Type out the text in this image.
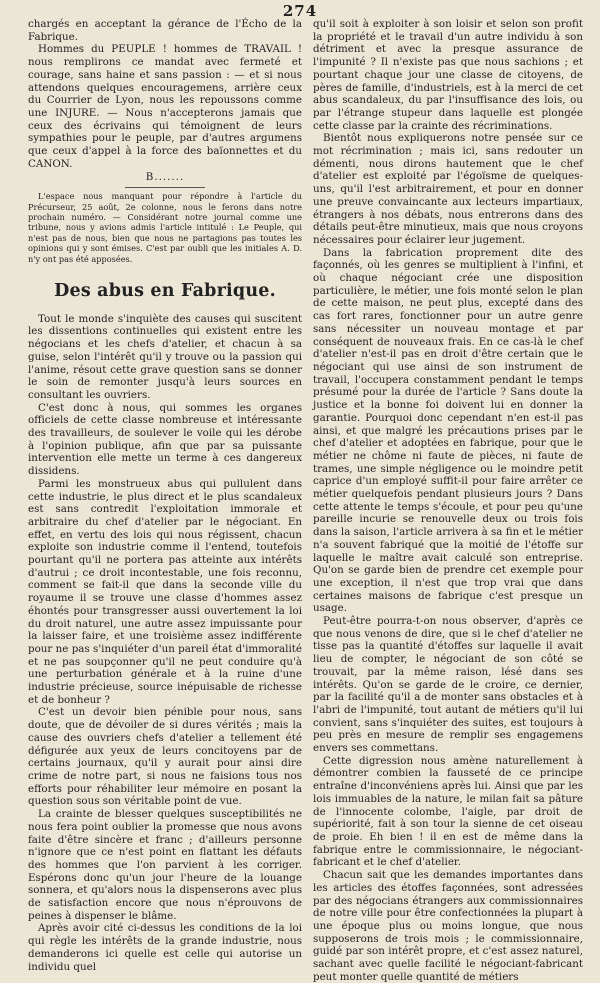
274

chargés en acceptant la gérance de l'Écho de la Fabrique.

Hommes du PEUPLE ! hommes de TRAVAIL ! nous remplirons ce mandat avec fermeté et courage, sans haine et sans passion : — et si nous attendons quelques encouragemens, arrière ceux du Courrier de Lyon, nous les repoussons comme une INJURE. — Nous n'accepterons jamais que ceux des écrivains qui témoignent de leurs sympathies pour le peuple, par d'autres argumens que ceux d'appel à la force des baïonnettes et du CANON.

B.......

L'espace nous manquant pour répondre à l'article du Précurseur, 25 août, 2e colonne, nous le ferons dans notre prochain numéro. — Considérant notre journal comme une tribune, nous y avions admis l'article intitulé : Le Peuple, qui n'est pas de nous, bien que nous ne partagions pas toutes les opinions qui y sont émises. C'est par oubli que les initiales A. D. n'y ont pas été apposées.

Des abus en Fabrique.

Tout le monde s'inquiète des causes qui suscitent les dissentions continuelles qui existent entre les négocians et les chefs d'atelier, et chacun à sa guise, selon l'intérêt qu'il y trouve ou la passion qui l'anime, résout cette grave question sans se donner le soin de remonter jusqu'à leurs sources en consultant les ouvriers.

C'est donc à nous, qui sommes les organes officiels de cette classe nombreuse et intéressante des travailleurs, de soulever le voile qui les dérobe à l'opinion publique, afin que par sa puissante intervention elle mette un terme à ces dangereux dissidens.

Parmi les monstrueux abus qui pullulent dans cette industrie, le plus direct et le plus scandaleux est sans contredit l'exploitation immorale et arbitraire du chef d'atelier par le négociant. En effet, en vertu des lois qui nous régissent, chacun exploite son industrie comme il l'entend, toutefois pourtant qu'il ne portera pas atteinte aux intérêts d'autrui ; ce droit incontestable, une fois reconnu, comment se fait-il que dans la seconde ville du royaume il se trouve une classe d'hommes assez éhontés pour transgresser aussi ouvertement la loi du droit naturel, une autre assez impuissante pour la laisser faire, et une troisième assez indifférente pour ne pas s'inquiéter d'un pareil état d'immoralité et ne pas soupçonner qu'il ne peut conduire qu'à une perturbation générale et à la ruine d'une industrie précieuse, source inépuisable de richesse et de bonheur ?

C'est un devoir bien pénible pour nous, sans doute, que de dévoiler de si dures vérités ; mais la cause des ouvriers chefs d'atelier a tellement été défigurée aux yeux de leurs concitoyens par de certains journaux, qu'il y aurait pour ainsi dire crime de notre part, si nous ne faisions tous nos efforts pour réhabiliter leur mémoire en posant la question sous son véritable point de vue.

La crainte de blesser quelques susceptibilités ne nous fera point oublier la promesse que nous avons faite d'être sincère et franc ; d'ailleurs personne n'ignore que ce n'est point en flattant les défauts des hommes que l'on parvient à les corriger. Espérons donc qu'un jour l'heure de la louange sonnera, et qu'alors nous la dispenserons avec plus de satisfaction encore que nous n'éprouvons de peines à dispenser le blâme.

Après avoir cité ci-dessus les conditions de la loi qui règle les intérêts de la grande industrie, nous demanderons ici quelle est celle qui autorise un individu quel

qu'il soit à exploiter à son loisir et selon son profit la propriété et le travail d'un autre individu à son détriment et avec la presque assurance de l'impunité ? Il n'existe pas que nous sachions ; et pourtant chaque jour une classe de citoyens, de pères de famille, d'industriels, est à la merci de cet abus scandaleux, du par l'insuffisance des lois, ou par l'étrange stupeur dans laquelle est plongée cette classe par la crainte des récriminations.

Bientôt nous expliquerons notre pensée sur ce mot récrimination ; mais ici, sans redouter un démenti, nous dirons hautement que le chef d'atelier est exploité par l'égoïsme de quelques-uns, qu'il l'est arbitrairement, et pour en donner une preuve convaincante aux lecteurs impartiaux, étrangers à nos débats, nous entrerons dans des détails peut-être minutieux, mais que nous croyons nécessaires pour éclairer leur jugement.

Dans la fabrication proprement dite des façonnés, où les genres se multiplient à l'infini, et où chaque négociant crée une disposition particulière, le métier, une fois monté selon le plan de cette maison, ne peut plus, excepté dans des cas fort rares, fonctionner pour un autre genre sans nécessiter un nouveau montage et par conséquent de nouveaux frais. En ce cas-là le chef d'atelier n'est-il pas en droit d'être certain que le négociant qui use ainsi de son instrument de travail, l'occupera constamment pendant le temps présumé pour la durée de l'article ? Sans doute la justice et la bonne foi doivent lui en donner la garantie. Pourquoi donc cependant n'en est-il pas ainsi, et que malgré les précautions prises par le chef d'atelier et adoptées en fabrique, pour que le métier ne chôme ni faute de pièces, ni faute de trames, une simple négligence ou le moindre petit caprice d'un employé suffit-il pour faire arrêter ce métier quelquefois pendant plusieurs jours ? Dans cette attente le temps s'écoule, et pour peu qu'une pareille incurie se renouvelle deux ou trois fois dans la saison, l'article arrivera à sa fin et le métier n'a souvent fabriqué que la moitié de l'étoffe sur laquelle le maître avait calculé son entreprise. Qu'on se garde bien de prendre cet exemple pour une exception, il n'est que trop vrai que dans certaines maisons de fabrique c'est presque un usage.

Peut-être pourra-t-on nous observer, d'après ce que nous venons de dire, que si le chef d'atelier ne tisse pas la quantité d'étoffes sur laquelle il avait lieu de compter, le négociant de son côté se trouvait, par la même raison, lésé dans ses intérêts. Qu'on se garde de le croire, ce dernier, par la facilité qu'il a de monter sans obstacles et à l'abri de l'impunité, tout autant de métiers qu'il lui convient, sans s'inquiéter des suites, est toujours à peu près en mesure de remplir ses engagemens envers ses commettans.

Cette digression nous amène naturellement à démontrer combien la fausseté de ce principe entraîne d'inconvéniens après lui. Ainsi que par les lois immuables de la nature, le milan fait sa pâture de l'innocente colombe, l'aigle, par droit de supériorité, fait à son tour la sienne de cet oiseau de proie. Eh bien ! il en est de même dans la fabrique entre le commissionnaire, le négociant-fabricant et le chef d'atelier.

Chacun sait que les demandes importantes dans les articles des étoffes façonnées, sont adressées par des négocians étrangers aux commissionnaires de notre ville pour être confectionnées la plupart à une époque plus ou moins longue, que nous supposerons de trois mois ; le commissionnaire, guidé par son intérêt propre, et c'est assez naturel, sachant avec quelle facilité le négociant-fabricant peut monter quelle quantité de métiers
